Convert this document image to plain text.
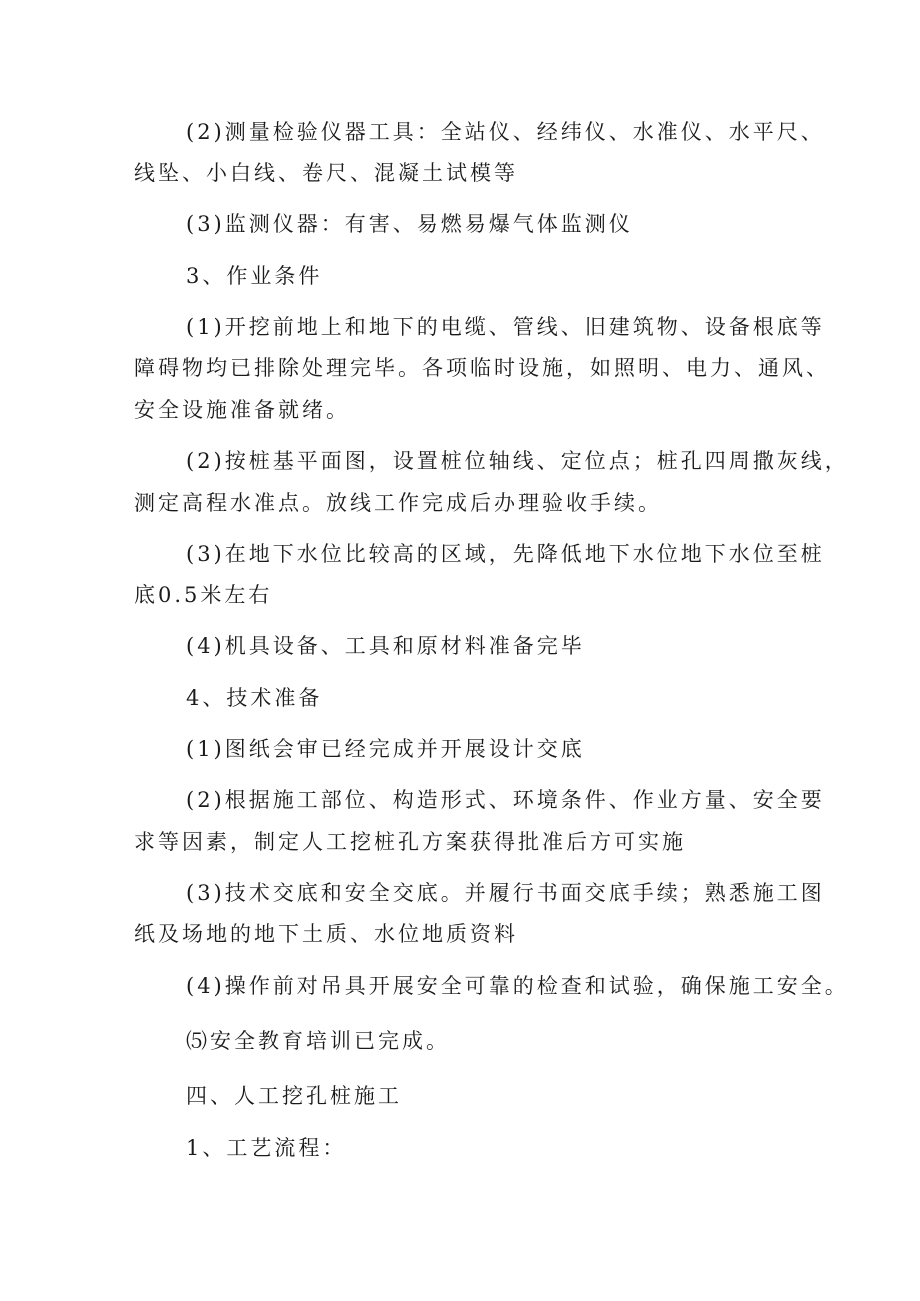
(2)测量检验仪器工具：全站仪、经纬仪、水准仪、水平尺、
线坠、小白线、卷尺、混凝土试模等
(3)监测仪器：有害、易燃易爆气体监测仪
3、作业条件
(1)开挖前地上和地下的电缆、管线、旧建筑物、设备根底等
障碍物均已排除处理完毕。各项临时设施，如照明、电力、通风、
安全设施准备就绪。
(2)按桩基平面图，设置桩位轴线、定位点；桩孔四周撒灰线，
测定高程水准点。放线工作完成后办理验收手续。
(3)在地下水位比较高的区域，先降低地下水位地下水位至桩
底0.5米左右
(4)机具设备、工具和原材料准备完毕
4、技术准备
(1)图纸会审已经完成并开展设计交底
(2)根据施工部位、构造形式、环境条件、作业方量、安全要
求等因素，制定人工挖桩孔方案获得批准后方可实施
(3)技术交底和安全交底。并履行书面交底手续；熟悉施工图
纸及场地的地下土质、水位地质资料
(4)操作前对吊具开展安全可靠的检查和试验，确保施工安全。
⑸安全教育培训已完成。
四、人工挖孔桩施工
1、工艺流程：
